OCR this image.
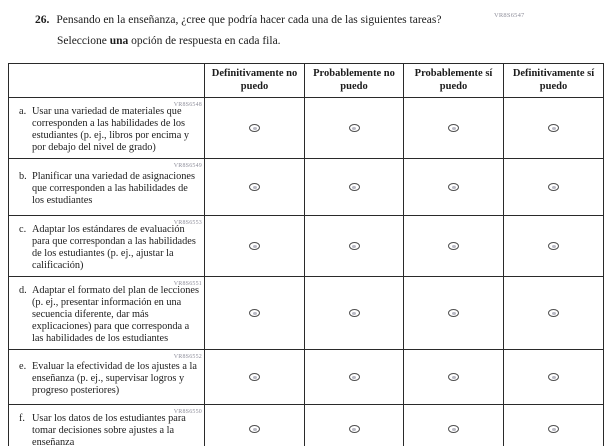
VR8S6547
26. Pensando en la enseñanza, ¿cree que podría hacer cada una de las siguientes tareas?
Seleccione una opción de respuesta en cada fila.
	Definitivamente no puedo	Probablemente no puedo	Probablemente sí puedo	Definitivamente sí puedo

VR8S6548
a. Usar una variedad de materiales que corresponden a las habilidades de los estudiantes (p. ej., libros por encima y por debajo del nivel de grado)				

VR8S6549
b. Planificar una variedad de asignaciones que corresponden a las habilidades de los estudiantes				

VR8S6553
c. Adaptar los estándares de evaluación para que correspondan a las habilidades de los estudiantes (p. ej., ajustar la calificación)				

VR8S6551
d. Adaptar el formato del plan de lecciones (p. ej., presentar información en una secuencia diferente, dar más explicaciones) para que corresponda a las habilidades de los estudiantes				

VR8S6552
e. Evaluar la efectividad de los ajustes a la enseñanza (p. ej., supervisar logros y progreso posteriores)				

VR8S6550
f. Usar los datos de los estudiantes para tomar decisiones sobre ajustes a la enseñanza				
